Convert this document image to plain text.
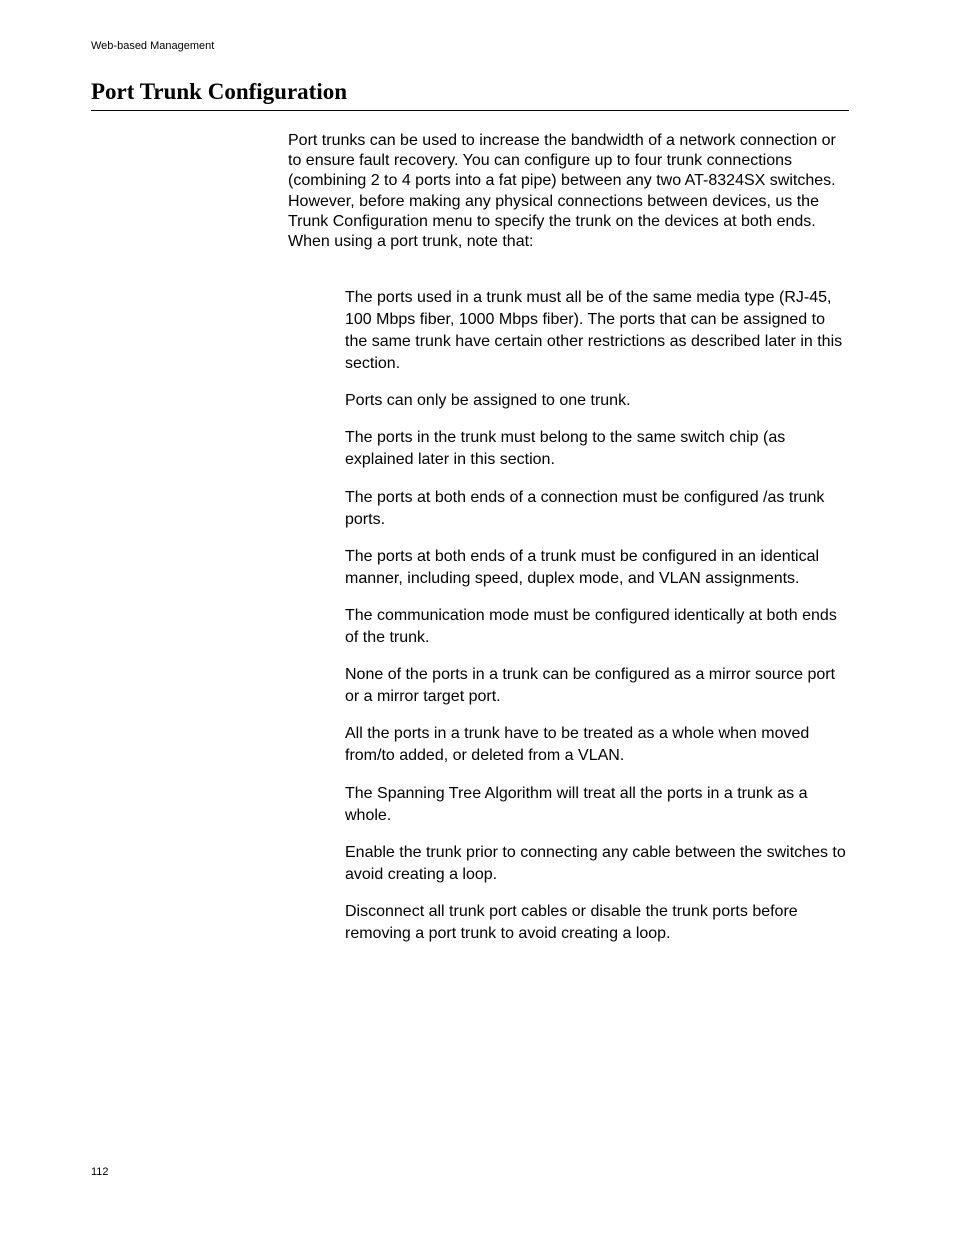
Web-based Management
Port Trunk Configuration

Port trunks can be used to increase the bandwidth of a network connection or to ensure fault recovery. You can configure up to four trunk connections (combining 2 to 4 ports into a fat pipe) between any two AT-8324SX switches. However, before making any physical connections between devices, us the Trunk Configuration menu to specify the trunk on the devices at both ends. When using a port trunk, note that:

The ports used in a trunk must all be of the same media type (RJ-45, 100 Mbps fiber, 1000 Mbps fiber). The ports that can be assigned to the same trunk have certain other restrictions as described later in this section.
Ports can only be assigned to one trunk.
The ports in the trunk must belong to the same switch chip (as explained later in this section.
The ports at both ends of a connection must be configured /as trunk ports.
The ports at both ends of a trunk must be configured in an identical manner, including speed, duplex mode, and VLAN assignments.
The communication mode must be configured identically at both ends of the trunk.
None of the ports in a trunk can be configured as a mirror source port or a mirror target port.
All the ports in a trunk have to be treated as a whole when moved from/to added, or deleted from a VLAN.
The Spanning Tree Algorithm will treat all the ports in a trunk as a whole.
Enable the trunk prior to connecting any cable between the switches to avoid creating a loop.
Disconnect all trunk port cables or disable the trunk ports before removing a port trunk to avoid creating a loop.
112
